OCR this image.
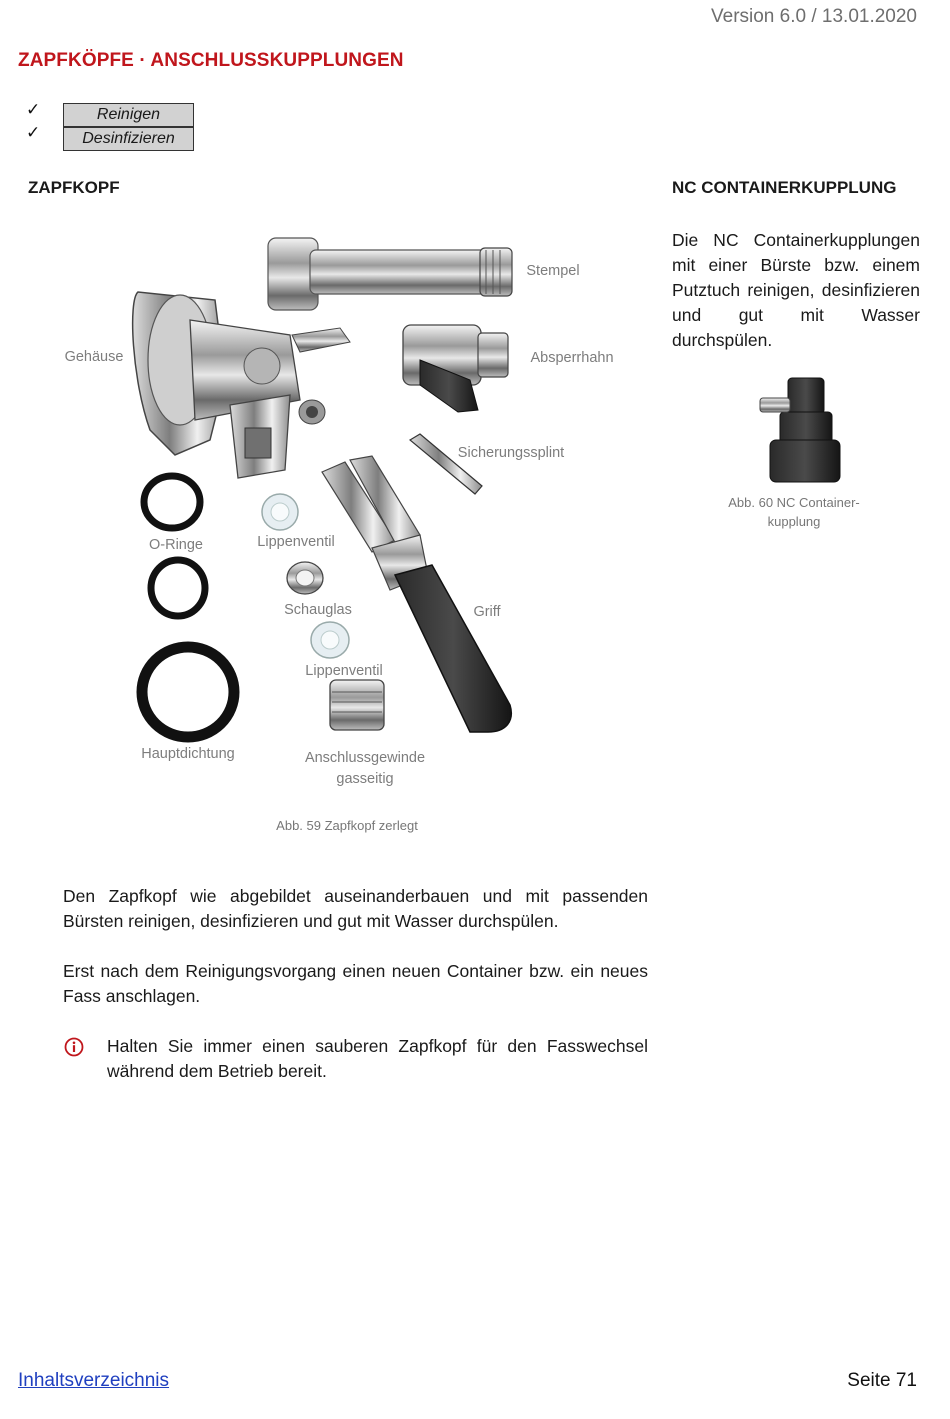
Version 6.0 / 13.01.2020
ZAPFKÖPFE · ANSCHLUSSKUPPLUNGEN
✓	Reinigen
✓	Desinfizieren
ZAPFKOPF	NC CONTAINERKUPPLUNG
Stempel
Gehäuse	Absperrhahn
Sicherungssplint
O-Ringe	Lippenventil
Schauglas	Griff
Lippenventil
Hauptdichtung	Anschlussgewinde
gasseitig
Abb. 59 Zapfkopf zerlegt
Die NC Containerkupplungen mit einer Bürste bzw. einem Putztuch reinigen, desinfizieren und gut mit Wasser durchspülen.
Abb. 60 NC Container-
kupplung
Den Zapfkopf wie abgebildet auseinanderbauen und mit passenden Bürsten reinigen, desinfizieren und gut mit Wasser durchspülen.
Erst nach dem Reinigungsvorgang einen neuen Container bzw. ein neues Fass anschlagen.
Halten Sie immer einen sauberen Zapfkopf für den Fasswechsel während dem Betrieb bereit.
Inhaltsverzeichnis	Seite 71
